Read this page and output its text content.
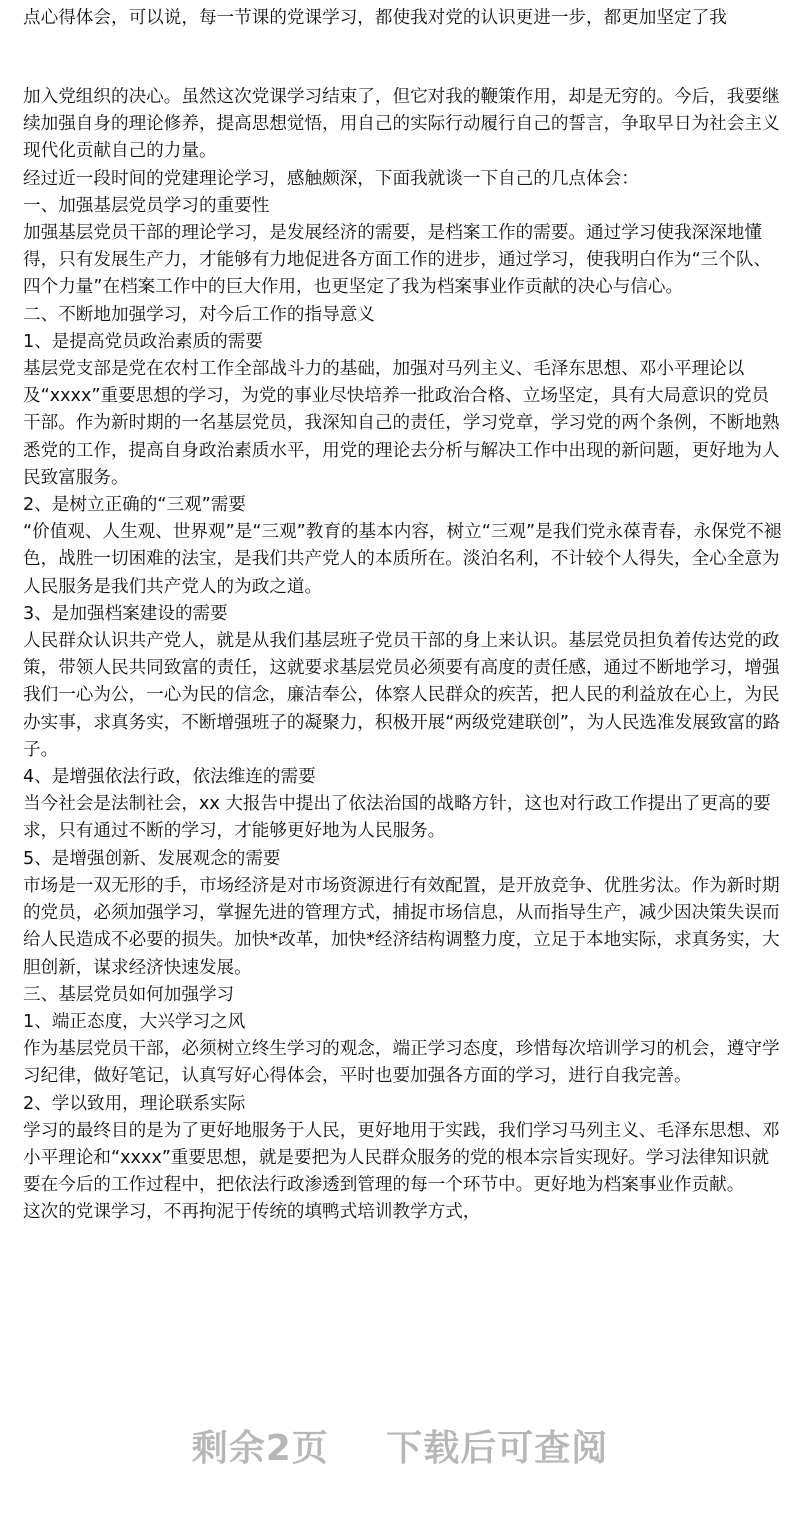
点心得体会，可以说，每一节课的党课学习，都使我对党的认识更进一步，都更加坚定了我

加入党组织的决心。虽然这次党课学习结束了，但它对我的鞭策作用，却是无穷的。今后，我要继续加强自身的理论修养，提高思想觉悟，用自己的实际行动履行自己的誓言，争取早日为社会主义现代化贡献自己的力量。

经过近一段时间的党建理论学习，感触颇深，下面我就谈一下自己的几点体会：

一、加强基层党员学习的重要性

加强基层党员干部的理论学习，是发展经济的需要，是档案工作的需要。通过学习使我深深地懂得，只有发展生产力，才能够有力地促进各方面工作的进步，通过学习，使我明白作为“三个队、四个力量”在档案工作中的巨大作用，也更坚定了我为档案事业作贡献的决心与信心。

二、不断地加强学习，对今后工作的指导意义

1、是提高党员政治素质的需要

基层党支部是党在农村工作全部战斗力的基础，加强对马列主义、毛泽东思想、邓小平理论以及“xxxx”重要思想的学习，为党的事业尽快培养一批政治合格、立场坚定，具有大局意识的党员干部。作为新时期的一名基层党员，我深知自己的责任，学习党章，学习党的两个条例，不断地熟悉党的工作，提高自身政治素质水平，用党的理论去分析与解决工作中出现的新问题，更好地为人民致富服务。

2、是树立正确的“三观”需要

“价值观、人生观、世界观”是“三观”教育的基本内容，树立“三观”是我们党永葆青春，永保党不褪色，战胜一切困难的法宝，是我们共产党人的本质所在。淡泊名利，不计较个人得失，全心全意为人民服务是我们共产党人的为政之道。

3、是加强档案建设的需要

人民群众认识共产党人，就是从我们基层班子党员干部的身上来认识。基层党员担负着传达党的政策，带领人民共同致富的责任，这就要求基层党员必须要有高度的责任感，通过不断地学习，增强我们一心为公，一心为民的信念，廉洁奉公，体察人民群众的疾苦，把人民的利益放在心上，为民办实事，求真务实，不断增强班子的凝聚力，积极开展“两级党建联创”，为人民选准发展致富的路子。

4、是增强依法行政，依法维连的需要

当今社会是法制社会，xx 大报告中提出了依法治国的战略方针，这也对行政工作提出了更高的要求，只有通过不断的学习，才能够更好地为人民服务。

5、是增强创新、发展观念的需要

市场是一双无形的手，市场经济是对市场资源进行有效配置，是开放竞争、优胜劣汰。作为新时期的党员，必须加强学习，掌握先进的管理方式，捕捉市场信息，从而指导生产，减少因决策失误而给人民造成不必要的损失。加快*改革，加快*经济结构调整力度，立足于本地实际，求真务实，大胆创新，谋求经济快速发展。

三、基层党员如何加强学习

1、端正态度，大兴学习之风

作为基层党员干部，必须树立终生学习的观念，端正学习态度，珍惜每次培训学习的机会，遵守学习纪律，做好笔记，认真写好心得体会，平时也要加强各方面的学习，进行自我完善。

2、学以致用，理论联系实际

学习的最终目的是为了更好地服务于人民，更好地用于实践，我们学习马列主义、毛泽东思想、邓小平理论和“xxxx”重要思想，就是要把为人民群众服务的党的根本宗旨实现好。学习法律知识就要在今后的工作过程中，把依法行政渗透到管理的每一个环节中。更好地为档案事业作贡献。

这次的党课学习，不再拘泥于传统的填鸭式培训教学方式，

剩余2页 下载后可查阅
